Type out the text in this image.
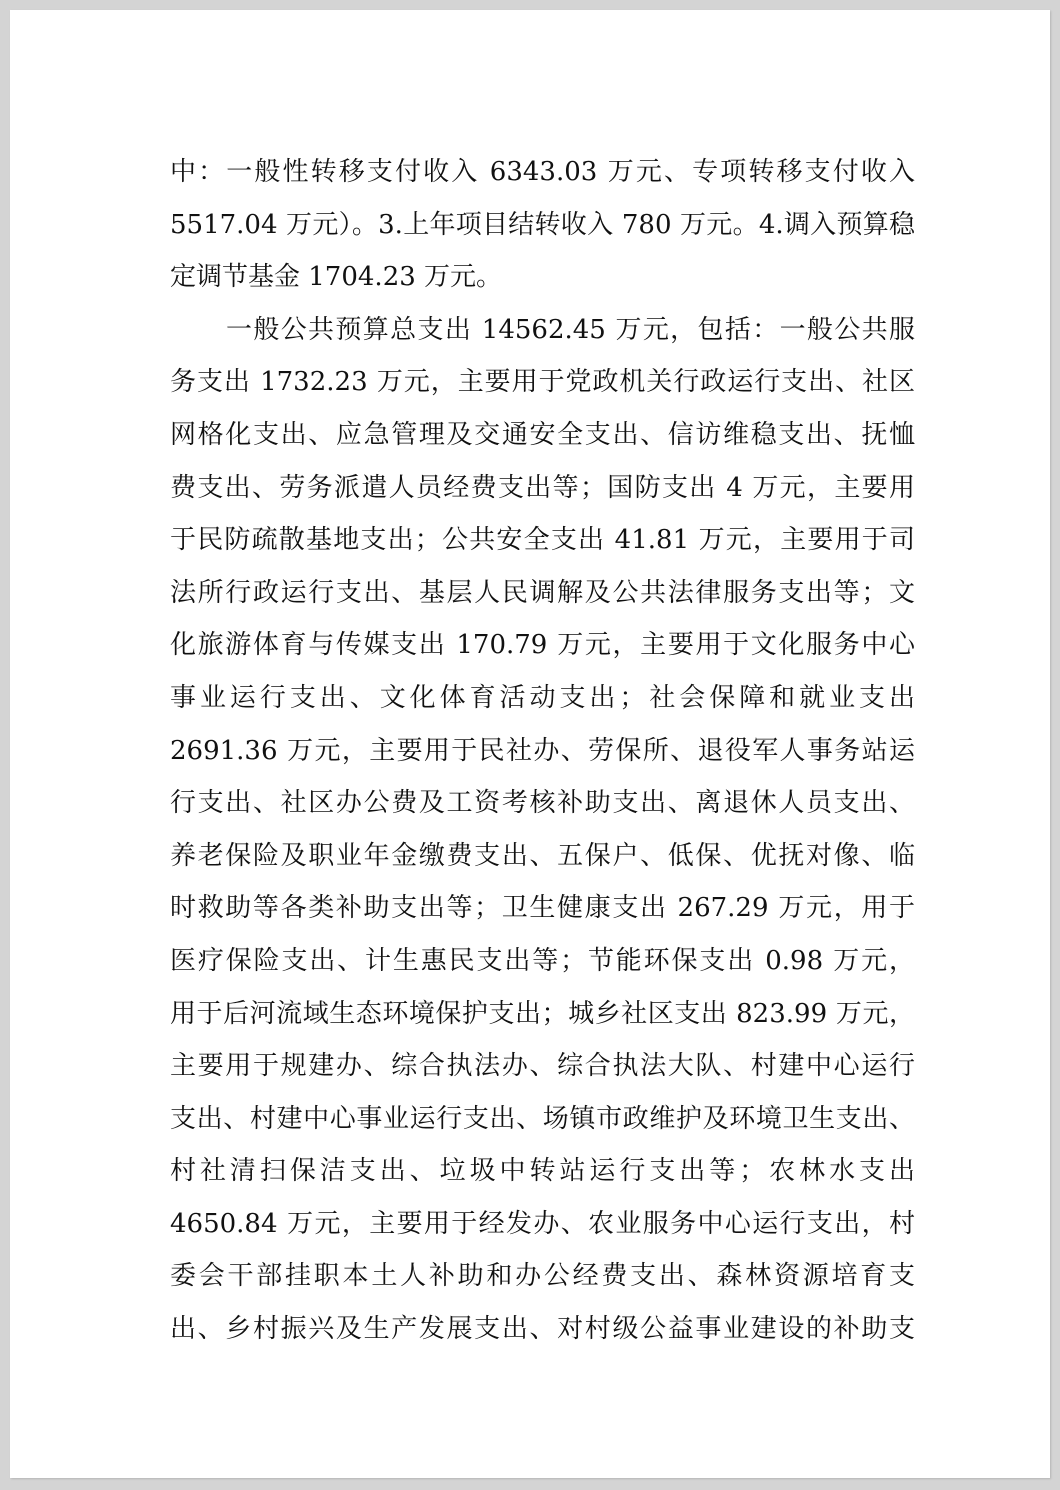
中：一般性转移支付收入 6343.03 万元、专项转移支付收入
5517.04 万元）。3.上年项目结转收入 780 万元。4.调入预算稳
定调节基金 1704.23 万元。
一般公共预算总支出 14562.45 万元，包括：一般公共服
务支出 1732.23 万元，主要用于党政机关行政运行支出、社区
网格化支出、应急管理及交通安全支出、信访维稳支出、抚恤
费支出、劳务派遣人员经费支出等；国防支出 4 万元，主要用
于民防疏散基地支出；公共安全支出 41.81 万元，主要用于司
法所行政运行支出、基层人民调解及公共法律服务支出等；文
化旅游体育与传媒支出 170.79 万元，主要用于文化服务中心
事业运行支出、文化体育活动支出；社会保障和就业支出
2691.36 万元，主要用于民社办、劳保所、退役军人事务站运
行支出、社区办公费及工资考核补助支出、离退休人员支出、
养老保险及职业年金缴费支出、五保户、低保、优抚对像、临
时救助等各类补助支出等；卫生健康支出 267.29 万元，用于
医疗保险支出、计生惠民支出等；节能环保支出 0.98 万元，
用于后河流域生态环境保护支出；城乡社区支出 823.99 万元，
主要用于规建办、综合执法办、综合执法大队、村建中心运行
支出、村建中心事业运行支出、场镇市政维护及环境卫生支出、
村社清扫保洁支出、垃圾中转站运行支出等；农林水支出
4650.84 万元，主要用于经发办、农业服务中心运行支出，村
委会干部挂职本土人补助和办公经费支出、森林资源培育支
出、乡村振兴及生产发展支出、对村级公益事业建设的补助支
